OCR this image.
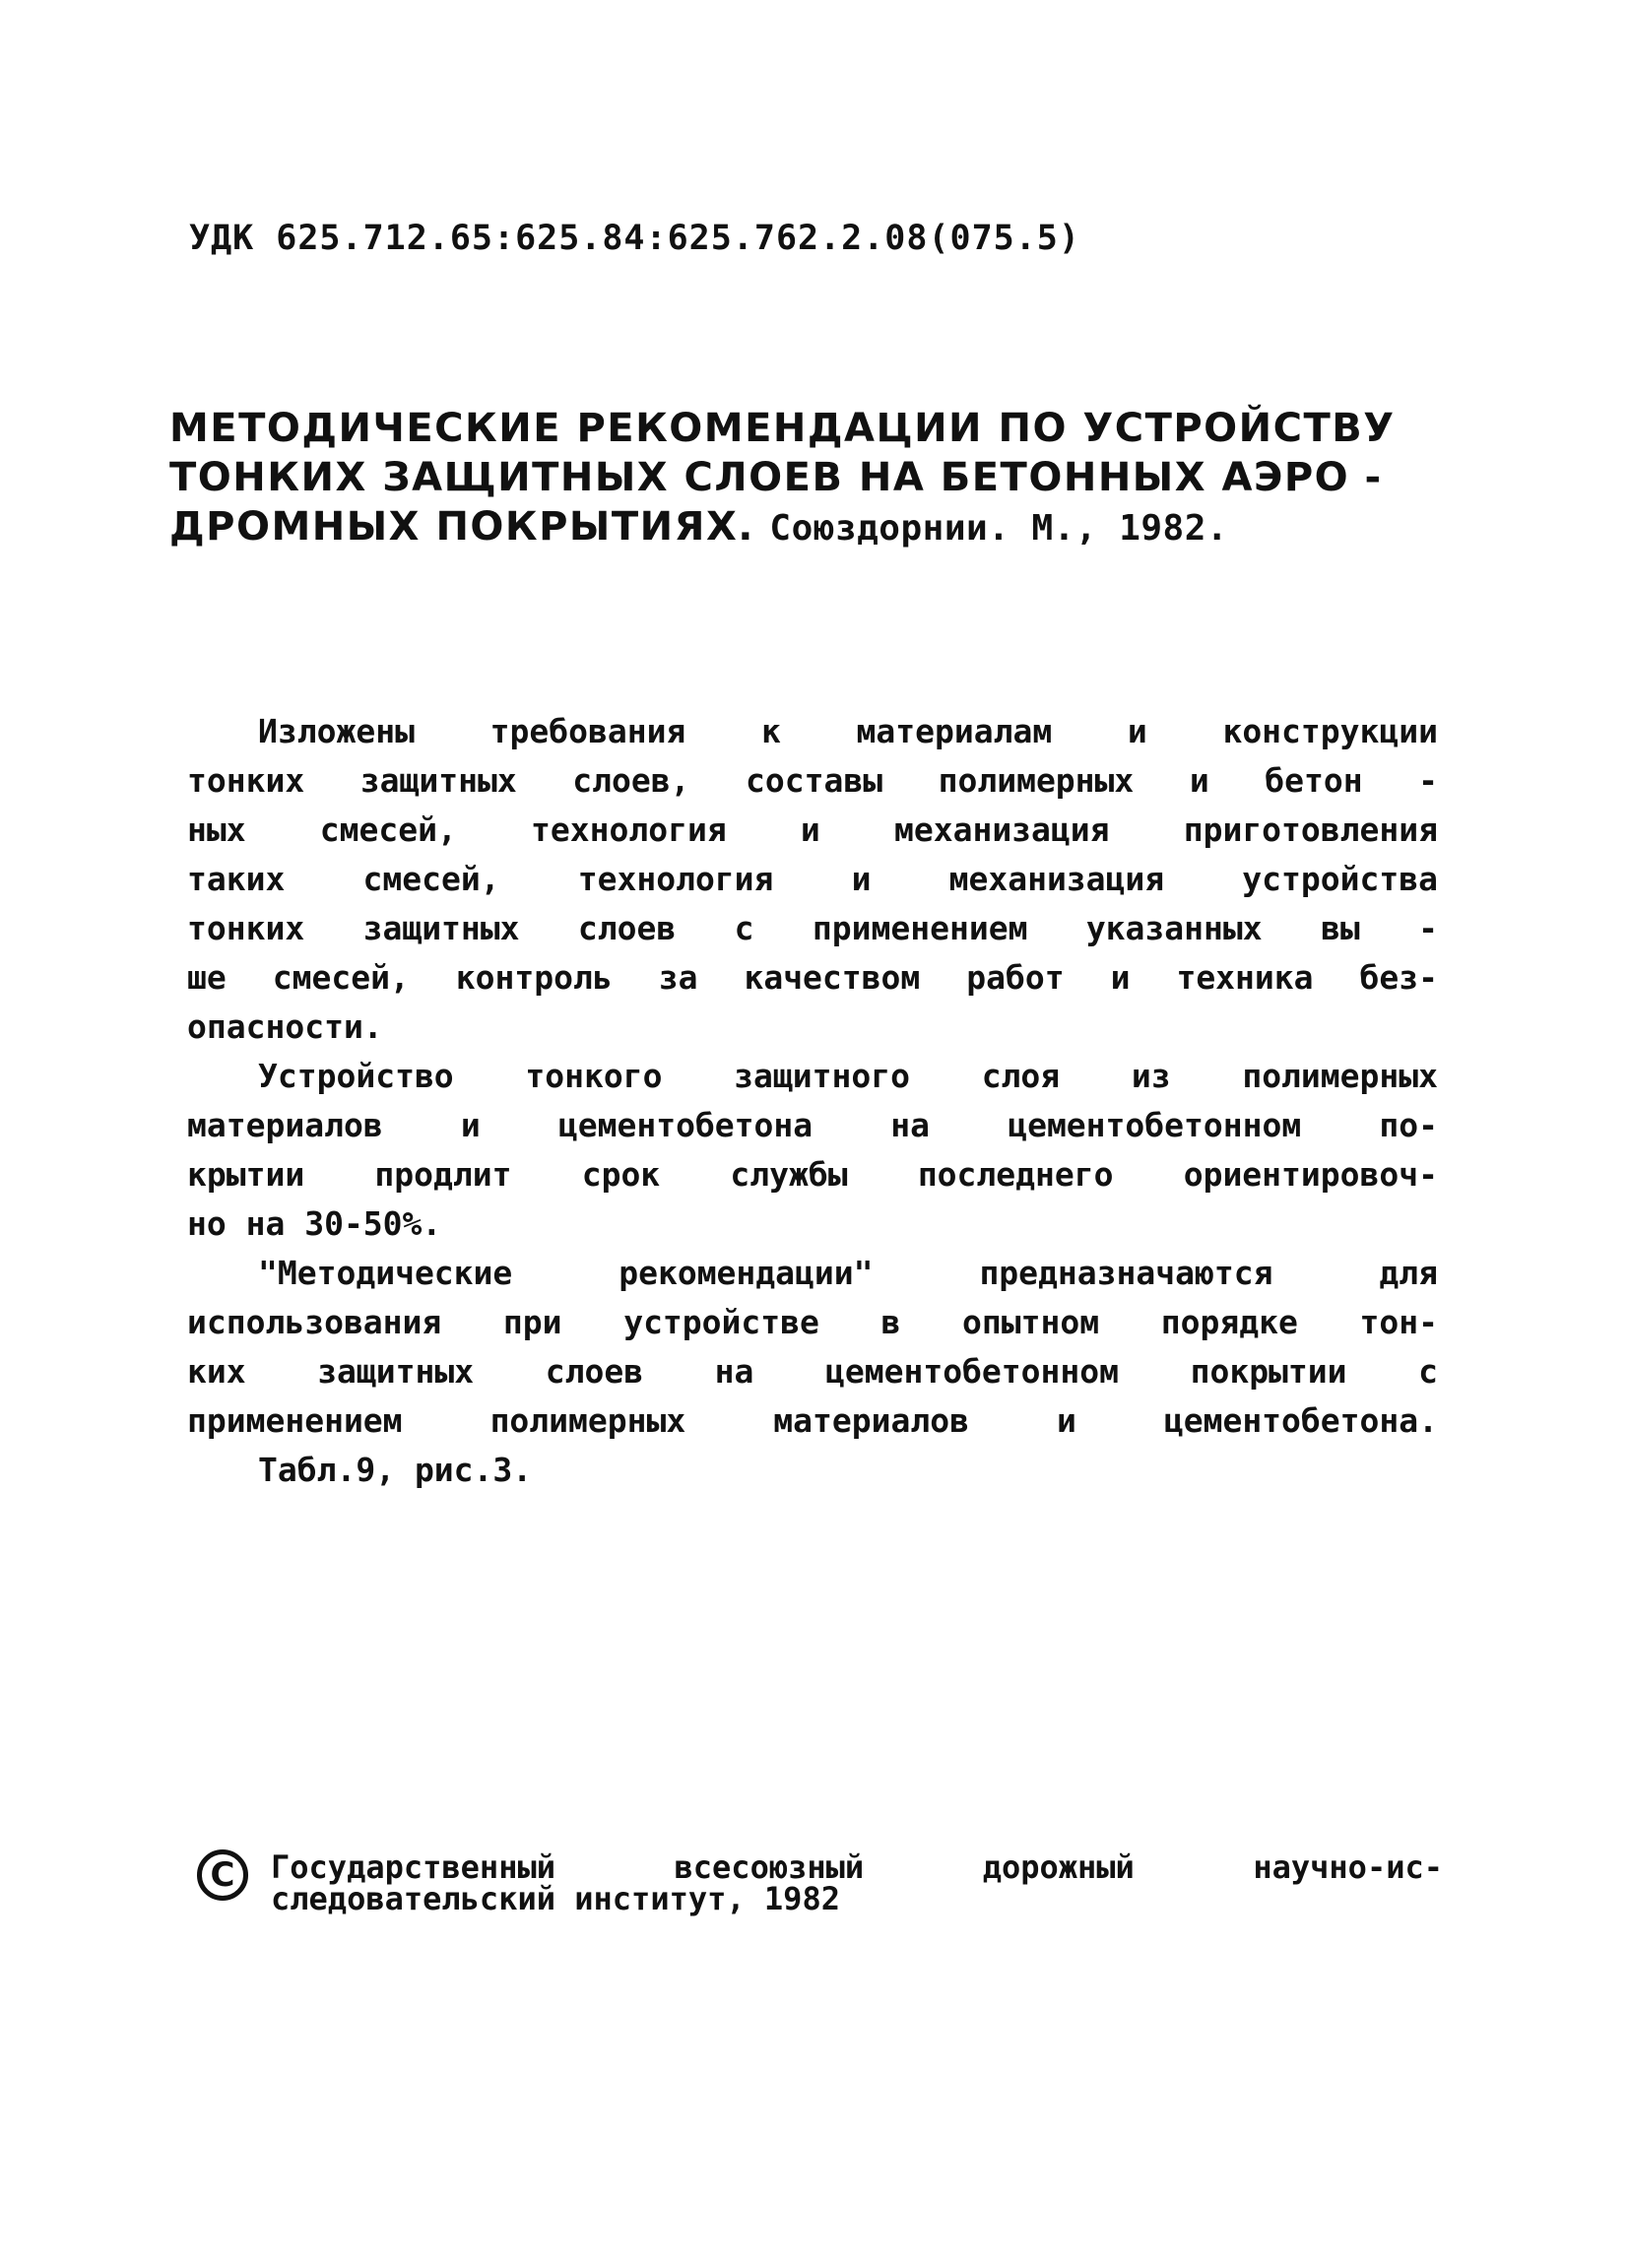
УДК 625.712.65:625.84:625.762.2.08(075.5)
МЕТОДИЧЕСКИЕ РЕКОМЕНДАЦИИ ПО УСТРОЙСТВУ
ТОНКИХ ЗАЩИТНЫХ СЛОЕВ НА БЕТОННЫХ АЭРО -
ДРОМНЫХ ПОКРЫТИЯХ. Союздорнии. М., 1982.
Изложены требования к материалам и конструкции
тонких защитных слоев, составы полимерных и бетон -
ных смесей, технология и механизация приготовления
таких смесей, технология и механизация устройства
тонких защитных слоев с применением указанных вы -
ше смесей, контроль за качеством работ и техника без-
опасности.
Устройство тонкого защитного слоя из полимерных
материалов и цементобетона на цементобетонном по-
крытии продлит срок службы последнего ориентировоч-
но на 30-50%.
"Методические рекомендации" предназначаются для
использования при устройстве в опытном порядке тон-
ких защитных слоев на цементобетонном покрытии с
применением полимерных материалов и цементобетона.
Табл.9, рис.3.
C	Государственный всесоюзный дорожный научно-ис-
следовательский институт, 1982
